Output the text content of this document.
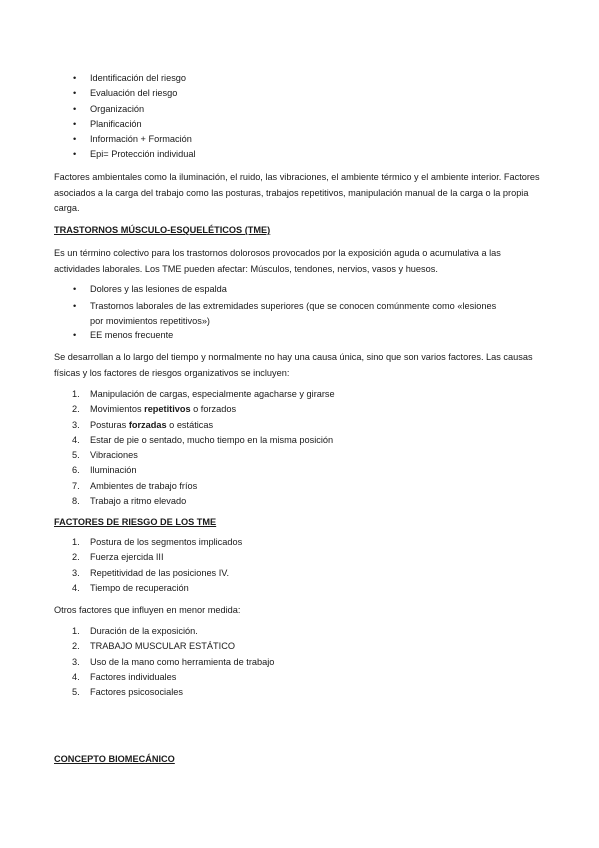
• Identificación del riesgo
• Evaluación del riesgo
• Organización
• Planificación
• Información + Formación
• Epi= Protección individual

Factores ambientales como la iluminación, el ruido, las vibraciones, el ambiente térmico y el ambiente interior. Factores asociados a la carga del trabajo como las posturas, trabajos repetitivos, manipulación manual de la carga o la propia carga.

TRASTORNOS MÚSCULO-ESQUELÉTICOS (TME)

Es un término colectivo para los trastornos dolorosos provocados por la exposición aguda o acumulativa a las actividades laborales. Los TME pueden afectar: Músculos, tendones, nervios, vasos y huesos.

• Dolores y las lesiones de espalda
• Trastornos laborales de las extremidades superiores (que se conocen comúnmente como «lesiones por movimientos repetitivos»)
• EE menos frecuente

Se desarrollan a lo largo del tiempo y normalmente no hay una causa única, sino que son varios factores. Las causas físicas y los factores de riesgos organizativos se incluyen:

1. Manipulación de cargas, especialmente agacharse y girarse
2. Movimientos repetitivos o forzados
3. Posturas forzadas o estáticas
4. Estar de pie o sentado, mucho tiempo en la misma posición
5. Vibraciones
6. Iluminación
7. Ambientes de trabajo fríos
8. Trabajo a ritmo elevado
FACTORES DE RIESGO DE LOS TME
1. Postura de los segmentos implicados
2. Fuerza ejercida III
3. Repetitividad de las posiciones IV.
4. Tiempo de recuperación

Otros factores que influyen en menor medida:

1. Duración de la exposición.
2. TRABAJO MUSCULAR ESTÁTICO
3. Uso de la mano como herramienta de trabajo
4. Factores individuales
5. Factores psicosociales
CONCEPTO BIOMECÁNICO
